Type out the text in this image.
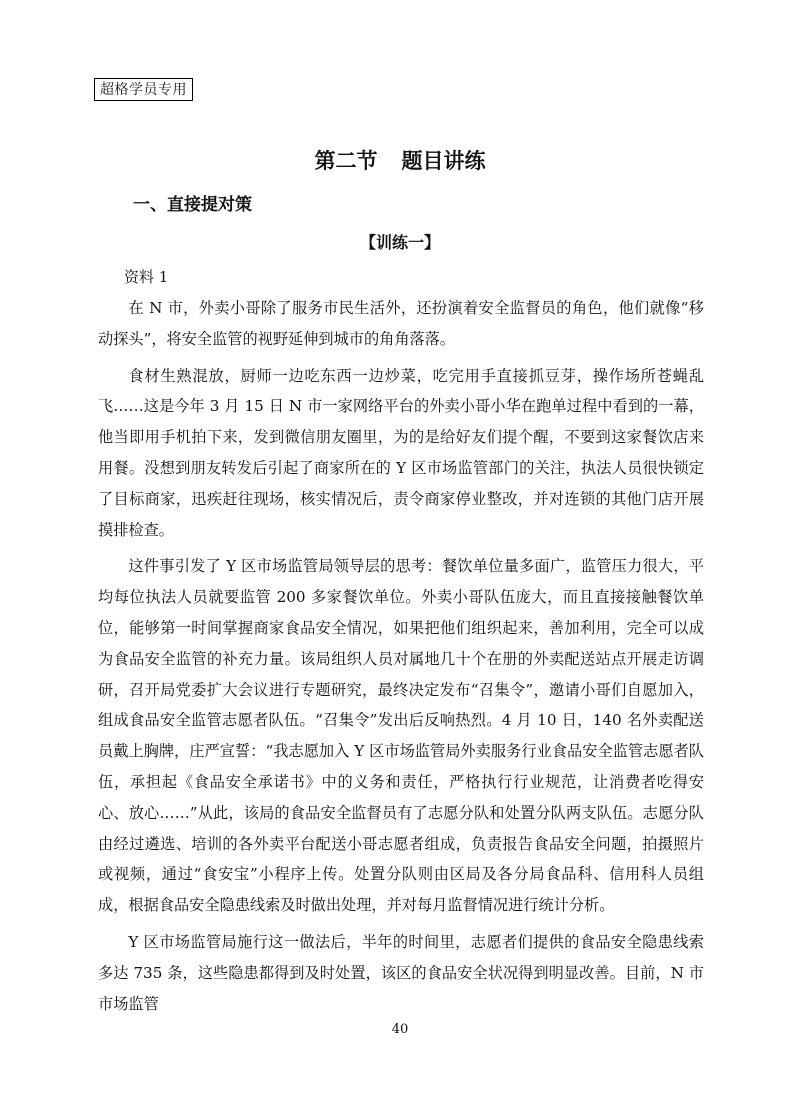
超格学员专用
第二节 题目讲练
一、直接提对策
【训练一】
资料 1

在 N 市，外卖小哥除了服务市民生活外，还扮演着安全监督员的角色，他们就像“移动探头”，将安全监管的视野延伸到城市的角角落落。

食材生熟混放，厨师一边吃东西一边炒菜，吃完用手直接抓豆芽，操作场所苍蝇乱飞……这是今年 3 月 15 日 N 市一家网络平台的外卖小哥小华在跑单过程中看到的一幕，他当即用手机拍下来，发到微信朋友圈里，为的是给好友们提个醒，不要到这家餐饮店来用餐。没想到朋友转发后引起了商家所在的 Y 区市场监管部门的关注，执法人员很快锁定了目标商家，迅疾赶往现场，核实情况后，责令商家停业整改，并对连锁的其他门店开展摸排检查。

这件事引发了 Y 区市场监管局领导层的思考：餐饮单位量多面广，监管压力很大，平均每位执法人员就要监管 200 多家餐饮单位。外卖小哥队伍庞大，而且直接接触餐饮单位，能够第一时间掌握商家食品安全情况，如果把他们组织起来，善加利用，完全可以成为食品安全监管的补充力量。该局组织人员对属地几十个在册的外卖配送站点开展走访调研，召开局党委扩大会议进行专题研究，最终决定发布“召集令”，邀请小哥们自愿加入，组成食品安全监管志愿者队伍。“召集令”发出后反响热烈。4 月 10 日，140 名外卖配送员戴上胸牌，庄严宣誓：“我志愿加入 Y 区市场监管局外卖服务行业食品安全监管志愿者队伍，承担起《食品安全承诺书》中的义务和责任，严格执行行业规范，让消费者吃得安心、放心……”从此，该局的食品安全监督员有了志愿分队和处置分队两支队伍。志愿分队由经过遴选、培训的各外卖平台配送小哥志愿者组成，负责报告食品安全问题，拍摄照片或视频，通过“食安宝”小程序上传。处置分队则由区局及各分局食品科、信用科人员组成，根据食品安全隐患线索及时做出处理，并对每月监督情况进行统计分析。

Y 区市场监管局施行这一做法后，半年的时间里，志愿者们提供的食品安全隐患线索多达 735 条，这些隐患都得到及时处置，该区的食品安全状况得到明显改善。目前，N 市市场监管

40
